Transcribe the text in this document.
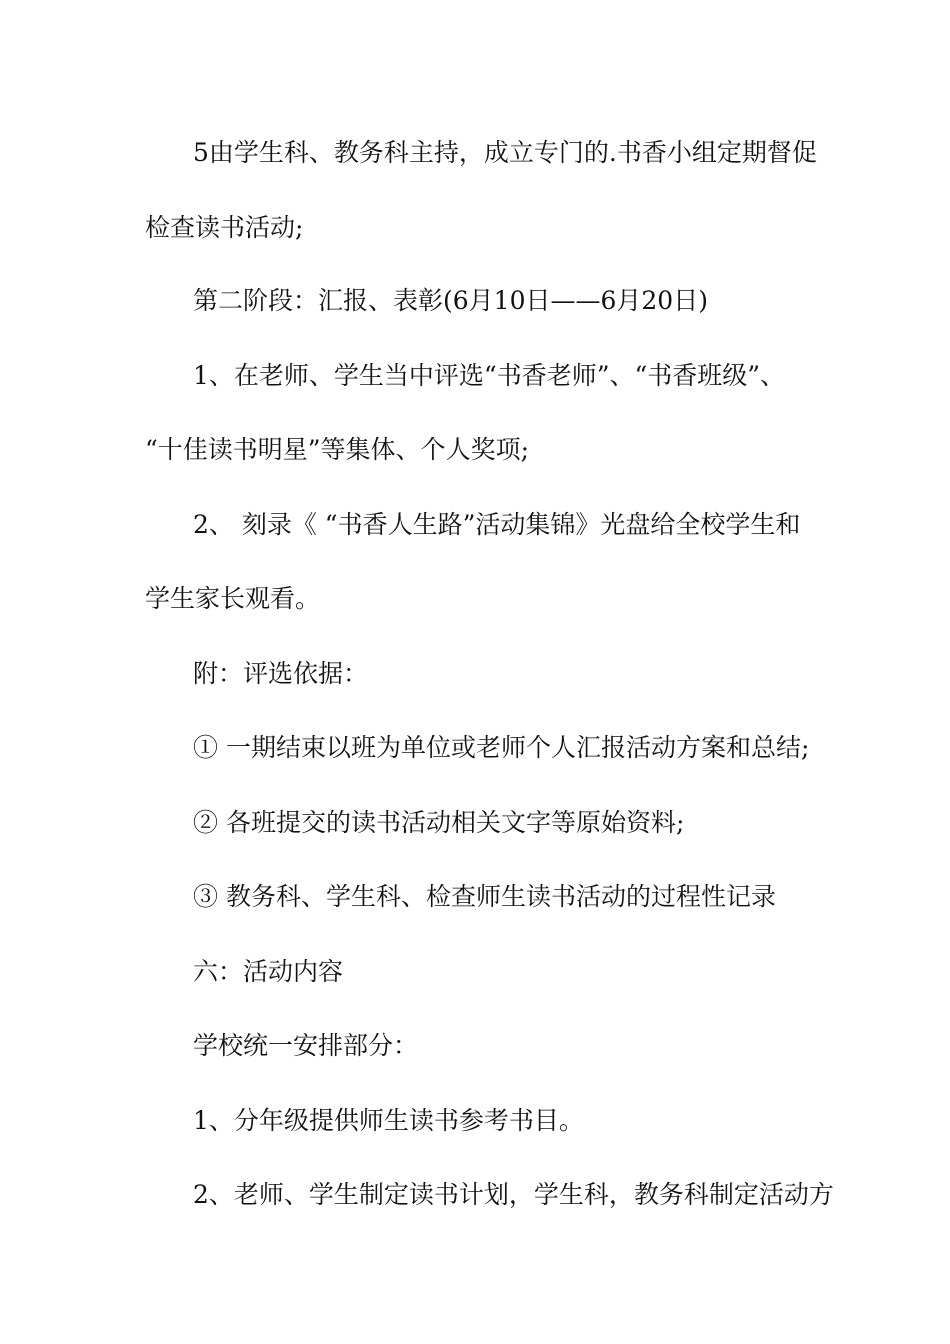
5由学生科、教务科主持，成立专门的.书香小组定期督促
检查读书活动;
第二阶段：汇报、表彰(6月10日——6月20日)
1、在老师、学生当中评选“书香老师”、“书香班级”、
“十佳读书明星”等集体、个人奖项;
2、 刻录《 “书香人生路”活动集锦》光盘给全校学生和
学生家长观看。
附：评选依据：
① 一期结束以班为单位或老师个人汇报活动方案和总结;
② 各班提交的读书活动相关文字等原始资料;
③ 教务科、学生科、检查师生读书活动的过程性记录
六：活动内容
学校统一安排部分：
1、分年级提供师生读书参考书目。
2、老师、学生制定读书计划，学生科，教务科制定活动方
